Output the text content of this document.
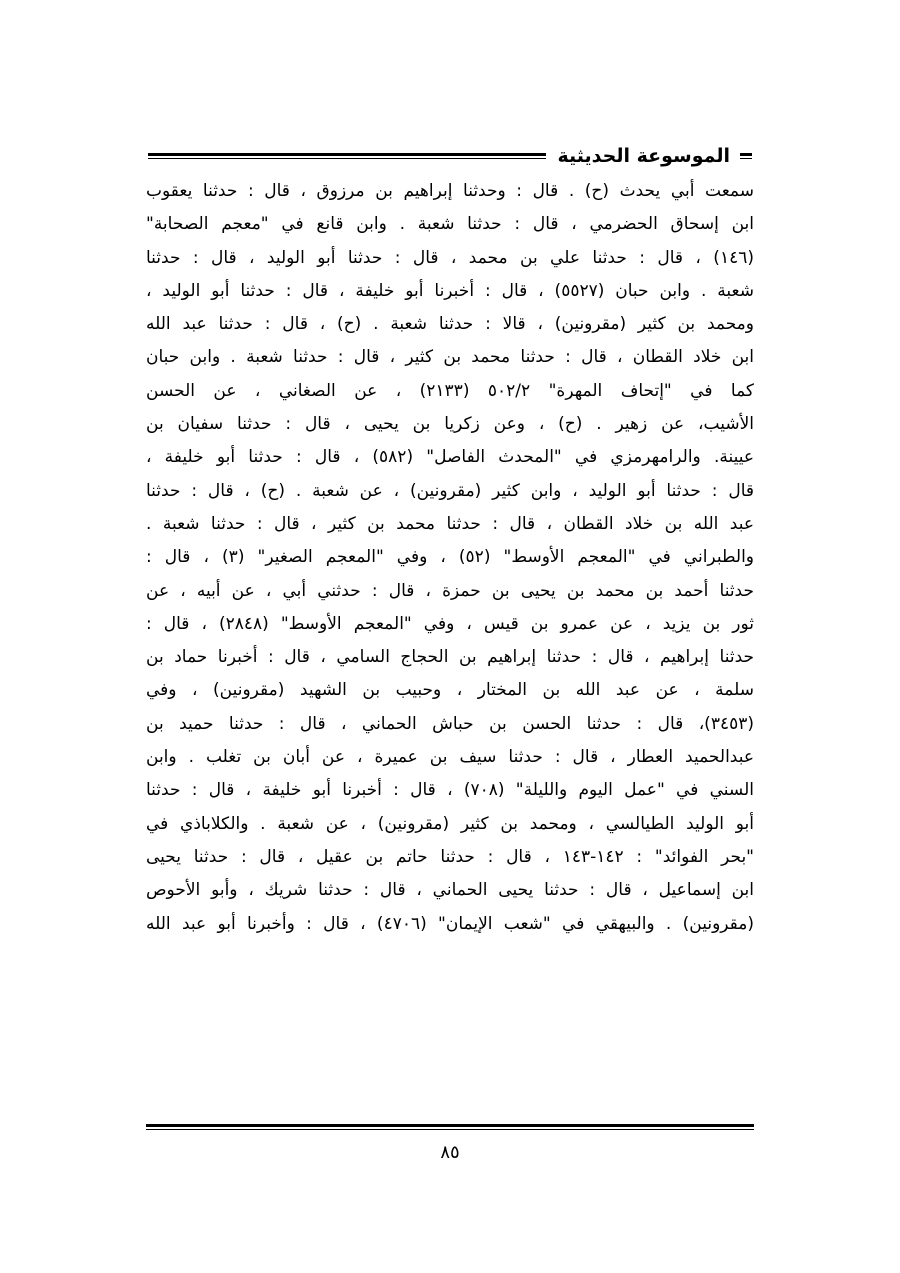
الموسوعة الحديثية
سمعت أبي يحدث (ح) . قال : وحدثنا إبراهيم بن مرزوق ، قال : حدثنا يعقوب
ابن إسحاق الحضرمي ، قال : حدثنا شعبة . وابن قانع في "معجم الصحابة"
(١٤٦) ، قال : حدثنا علي بن محمد ، قال : حدثنا أبو الوليد ، قال : حدثنا
شعبة . وابن حبان (٥٥٢٧) ، قال : أخبرنا أبو خليفة ، قال : حدثنا أبو الوليد ،
ومحمد بن كثير (مقرونين) ، قالا : حدثنا شعبة . (ح) ، قال : حدثنا عبد الله
ابن خلاد القطان ، قال : حدثنا محمد بن كثير ، قال : حدثنا شعبة . وابن حبان
كما في "إتحاف المهرة" ٥٠٢/٢ (٢١٣٣) ، عن الصغاني ، عن الحسن
الأشيب، عن زهير . (ح) ، وعن زكريا بن يحيى ، قال : حدثنا سفيان بن
عيينة. والرامهرمزي في "المحدث الفاصل" (٥٨٢) ، قال : حدثنا أبو خليفة ،
قال : حدثنا أبو الوليد ، وابن كثير (مقرونين) ، عن شعبة . (ح) ، قال : حدثنا
عبد الله بن خلاد القطان ، قال : حدثنا محمد بن كثير ، قال : حدثنا شعبة .
والطبراني في "المعجم الأوسط" (٥٢) ، وفي "المعجم الصغير" (٣) ، قال :
حدثنا أحمد بن محمد بن يحيى بن حمزة ، قال : حدثني أبي ، عن أبيه ، عن
ثور بن يزيد ، عن عمرو بن قيس ، وفي "المعجم الأوسط" (٢٨٤٨) ، قال :
حدثنا إبراهيم ، قال : حدثنا إبراهيم بن الحجاج السامي ، قال : أخبرنا حماد بن
سلمة ، عن عبد الله بن المختار ، وحبيب بن الشهيد (مقرونين) ، وفي
(٣٤٥٣)، قال : حدثنا الحسن بن حباش الحماني ، قال : حدثنا حميد بن
عبدالحميد العطار ، قال : حدثنا سيف بن عميرة ، عن أبان بن تغلب . وابن
السني في "عمل اليوم والليلة" (٧٠٨) ، قال : أخبرنا أبو خليفة ، قال : حدثنا
أبو الوليد الطيالسي ، ومحمد بن كثير (مقرونين) ، عن شعبة . والكلاباذي في
"بحر الفوائد" : ١٤٢-١٤٣ ، قال : حدثنا حاتم بن عقيل ، قال : حدثنا يحيى
ابن إسماعيل ، قال : حدثنا يحيى الحماني ، قال : حدثنا شريك ، وأبو الأحوص
(مقرونين) . والبيهقي في "شعب الإيمان" (٤٧٠٦) ، قال : وأخبرنا أبو عبد الله
٨٥
